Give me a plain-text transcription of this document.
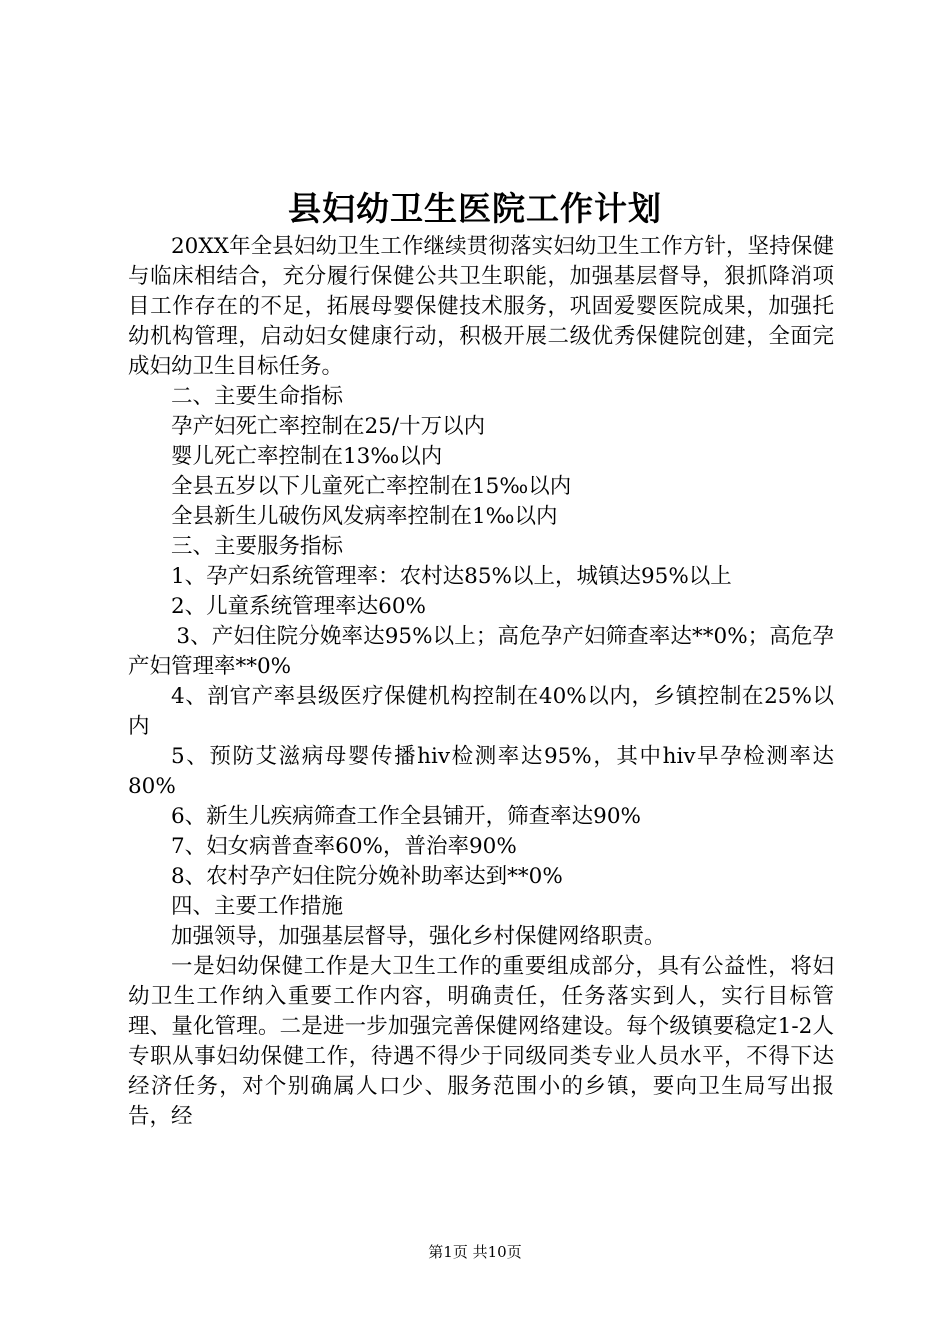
县妇幼卫生医院工作计划

20XX年全县妇幼卫生工作继续贯彻落实妇幼卫生工作方针，坚持保健与临床相结合，充分履行保健公共卫生职能，加强基层督导，狠抓降消项目工作存在的不足，拓展母婴保健技术服务，巩固爱婴医院成果，加强托幼机构管理，启动妇女健康行动，积极开展二级优秀保健院创建，全面完成妇幼卫生目标任务。

二、主要生命指标

孕产妇死亡率控制在25/十万以内

婴儿死亡率控制在13‰以内

全县五岁以下儿童死亡率控制在15‰以内

全县新生儿破伤风发病率控制在1‰以内

三、主要服务指标

1、孕产妇系统管理率：农村达85%以上，城镇达95%以上

2、儿童系统管理率达60%

3、产妇住院分娩率达95%以上；高危孕产妇筛查率达**0%；高危孕产妇管理率**0%

4、剖官产率县级医疗保健机构控制在40%以内，乡镇控制在25%以内

5、预防艾滋病母婴传播hiv检测率达95%，其中hiv早孕检测率达80%

6、新生儿疾病筛查工作全县铺开，筛查率达90%

7、妇女病普查率60%，普治率90%

8、农村孕产妇住院分娩补助率达到**0%

四、主要工作措施

加强领导，加强基层督导，强化乡村保健网络职责。

一是妇幼保健工作是大卫生工作的重要组成部分，具有公益性，将妇幼卫生工作纳入重要工作内容，明确责任，任务落实到人，实行目标管理、量化管理。二是进一步加强完善保健网络建设。每个级镇要稳定1-2人专职从事妇幼保健工作，待遇不得少于同级同类专业人员水平，不得下达经济任务，对个别确属人口少、服务范围小的乡镇，要向卫生局写出报告，经

第1页 共10页
